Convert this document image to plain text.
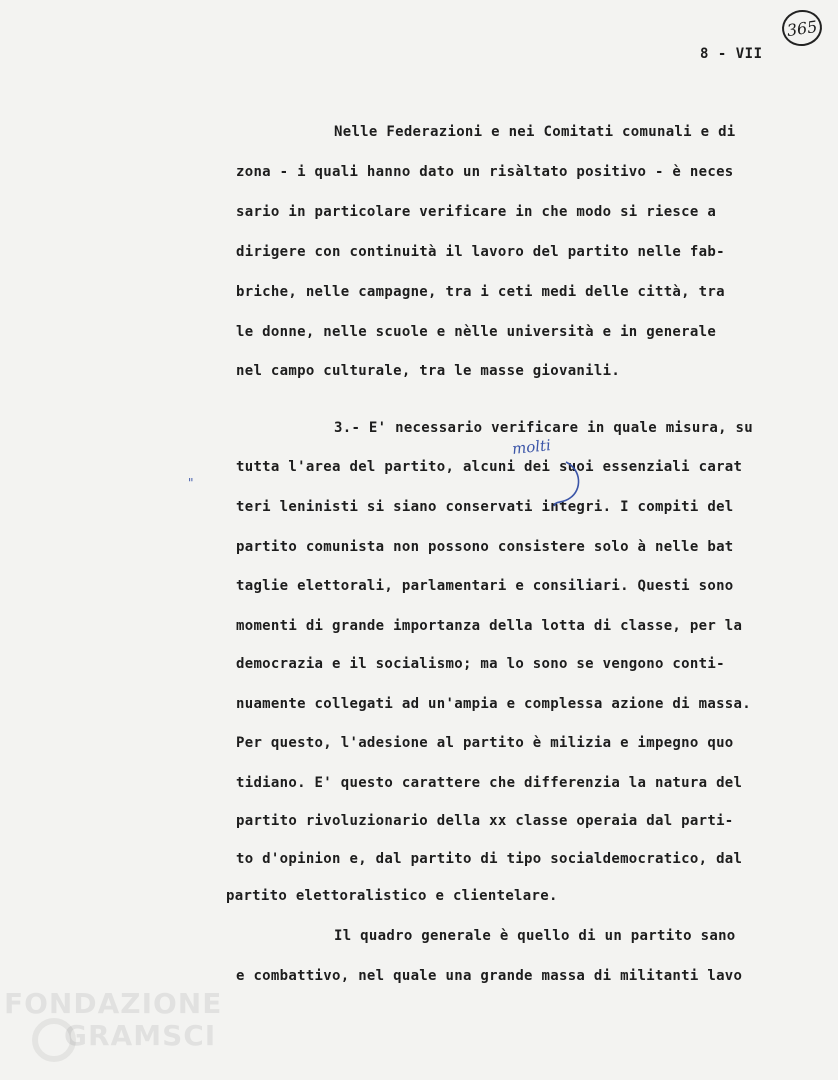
365
8 - VII
Nelle Federazioni e nei Comitati comunali e di
zona - i quali hanno dato un risàltato positivo - è neces
sario in particolare verificare in che modo si riesce a
dirigere con continuità il lavoro del partito nelle fab-
briche, nelle campagne, tra i ceti medi delle città, tra
le donne, nelle scuole e nèlle università e in generale
nel campo culturale, tra le masse giovanili.
3.- E' necessario verificare in quale misura, su
tutta l'area del partito, alcuni dei suoi essenziali carat
teri leninisti si siano conservati integri. I compiti del
partito comunista non possono consistere solo à nelle bat
taglie elettorali, parlamentari e consiliari. Questi sono
momenti di grande importanza della lotta di classe, per la
democrazia e il socialismo; ma lo sono se vengono conti-
nuamente collegati ad un'ampia e complessa azione di massa.
Per questo, l'adesione al partito è milizia e impegno quo
tidiano. E' questo carattere che differenzia la natura del
partito rivoluzionario della xx classe operaia dal parti-
to d'opinion e, dal partito di tipo socialdemocratico, dal
partito elettoralistico e clientelare.
Il quadro generale è quello di un partito sano
e combattivo, nel quale una grande massa di militanti lavo
"
molti
FONDAZIONE
GRAMSCI
